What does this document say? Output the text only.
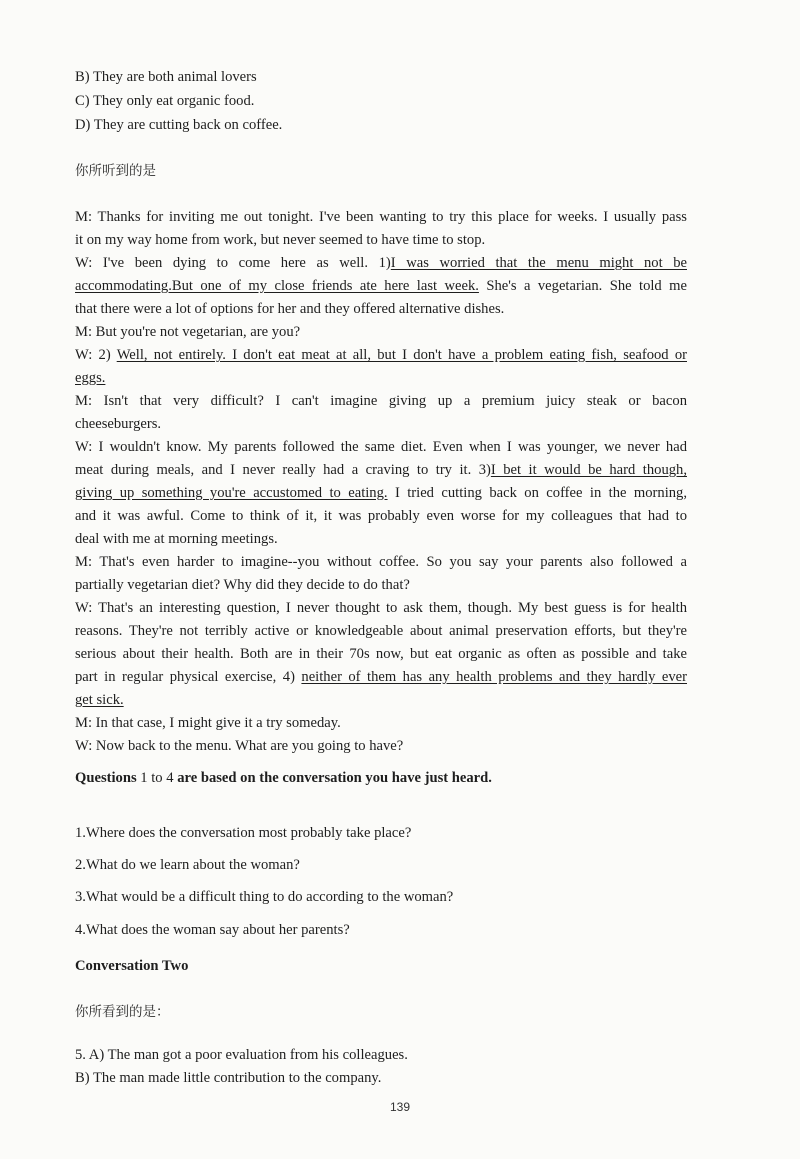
B) They are both animal lovers
C) They only eat organic food.
D) They are cutting back on coffee.
你所听到的是
M: Thanks for inviting me out tonight. I've been wanting to try this place for weeks. I usually pass
it on my way home from work, but never seemed to have time to stop.
W: I've been dying to come here as well. 1)I was worried that the menu might not be
accommodating.But one of my close friends ate here last week. She's a vegetarian. She told me
that there were a lot of options for her and they offered alternative dishes.
M: But you're not vegetarian, are you?
W: 2) Well, not entirely. I don't eat meat at all, but I don't have a problem eating fish, seafood or
eggs.
M: Isn't that very difficult? I can't imagine giving up a premium juicy steak or bacon
cheeseburgers.
W: I wouldn't know. My parents followed the same diet. Even when I was younger, we never had
meat during meals, and I never really had a craving to try it. 3)I bet it would be hard though,
giving up something you're accustomed to eating. I tried cutting back on coffee in the morning,
and it was awful. Come to think of it, it was probably even worse for my colleagues that had to
deal with me at morning meetings.
M: That's even harder to imagine--you without coffee. So you say your parents also followed a
partially vegetarian diet? Why did they decide to do that?
W: That's an interesting question, I never thought to ask them, though. My best guess is for health
reasons. They're not terribly active or knowledgeable about animal preservation efforts, but they're
serious about their health. Both are in their 70s now, but eat organic as often as possible and take
part in regular physical exercise, 4) neither of them has any health problems and they hardly ever
get sick.
M: In that case, I might give it a try someday.
W: Now back to the menu. What are you going to have?
Questions 1 to 4 are based on the conversation you have just heard.
1.Where does the conversation most probably take place?
2.What do we learn about the woman?
3.What would be a difficult thing to do according to the woman?
4.What does the woman say about her parents?
Conversation Two
你所看到的是：
5. A) The man got a poor evaluation from his colleagues.
B) The man made little contribution to the company.
139
